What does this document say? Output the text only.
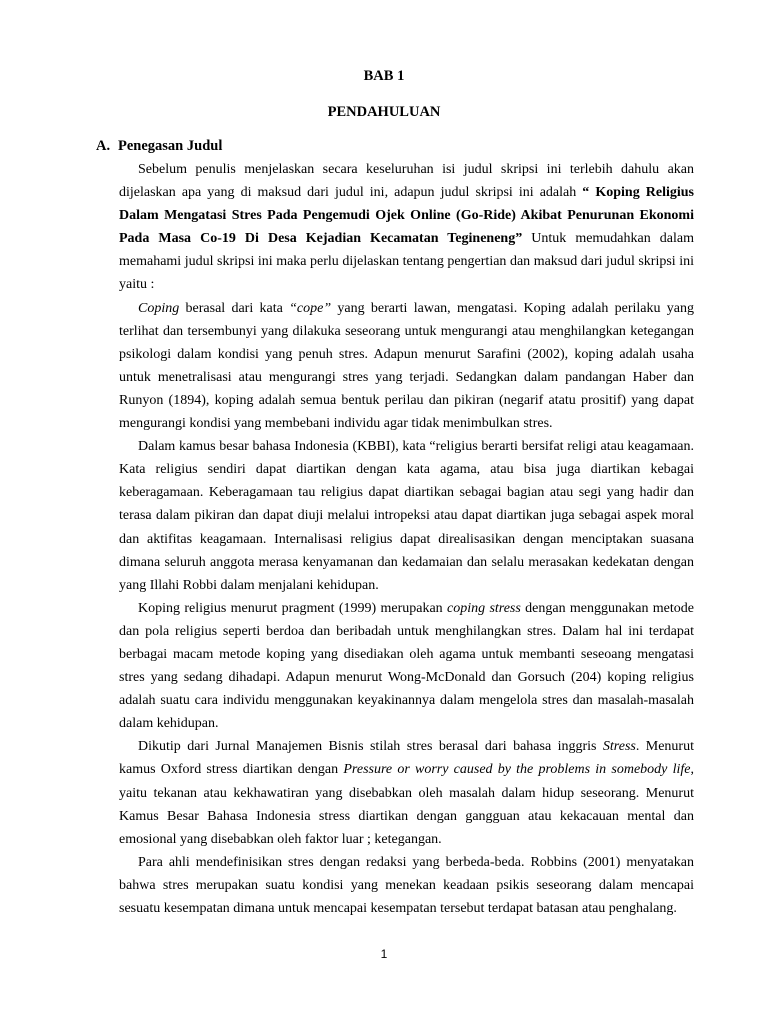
BAB 1
PENDAHULUAN
A. Penegasan Judul

Sebelum penulis menjelaskan secara keseluruhan isi judul skripsi ini terlebih dahulu akan dijelaskan apa yang di maksud dari judul ini, adapun judul skripsi ini adalah “ Koping Religius Dalam Mengatasi Stres Pada Pengemudi Ojek Online (Go-Ride) Akibat Penurunan Ekonomi Pada Masa Co-19 Di Desa Kejadian Kecamatan Tegineneng” Untuk memudahkan dalam memahami judul skripsi ini maka perlu dijelaskan tentang pengertian dan maksud dari judul skripsi ini yaitu :

Coping berasal dari kata “cope” yang berarti lawan, mengatasi. Koping adalah perilaku yang terlihat dan tersembunyi yang dilakuka seseorang untuk mengurangi atau menghilangkan ketegangan psikologi dalam kondisi yang penuh stres. Adapun menurut Sarafini (2002), koping adalah usaha untuk menetralisasi atau mengurangi stres yang terjadi. Sedangkan dalam pandangan Haber dan Runyon (1894), koping adalah semua bentuk perilau dan pikiran (negarif atatu prositif) yang dapat mengurangi kondisi yang membebani individu agar tidak menimbulkan stres.

Dalam kamus besar bahasa Indonesia (KBBI), kata “religius berarti bersifat religi atau keagamaan. Kata religius sendiri dapat diartikan dengan kata agama, atau bisa juga diartikan kebagai keberagamaan. Keberagamaan tau religius dapat diartikan sebagai bagian atau segi yang hadir dan terasa dalam pikiran dan dapat diuji melalui intropeksi atau dapat diartikan juga sebagai aspek moral dan aktifitas keagamaan. Internalisasi religius dapat direalisasikan dengan menciptakan suasana dimana seluruh anggota merasa kenyamanan dan kedamaian dan selalu merasakan kedekatan dengan yang Illahi Robbi dalam menjalani kehidupan.

Koping religius menurut pragment (1999) merupakan coping stress dengan menggunakan metode dan pola religius seperti berdoa dan beribadah untuk menghilangkan stres. Dalam hal ini terdapat berbagai macam metode koping yang disediakan oleh agama untuk membanti seseoang mengatasi stres yang sedang dihadapi. Adapun menurut Wong-McDonald dan Gorsuch (204) koping religius adalah suatu cara individu menggunakan keyakinannya dalam mengelola stres dan masalah-masalah dalam kehidupan.

Dikutip dari Jurnal Manajemen Bisnis stilah stres berasal dari bahasa inggris Stress. Menurut kamus Oxford stress diartikan dengan Pressure or worry caused by the problems in somebody life, yaitu tekanan atau kekhawatiran yang disebabkan oleh masalah dalam hidup seseorang. Menurut Kamus Besar Bahasa Indonesia stress diartikan dengan gangguan atau kekacauan mental dan emosional yang disebabkan oleh faktor luar ; ketegangan.

Para ahli mendefinisikan stres dengan redaksi yang berbeda-beda. Robbins (2001) menyatakan bahwa stres merupakan suatu kondisi yang menekan keadaan psikis seseorang dalam mencapai sesuatu kesempatan dimana untuk mencapai kesempatan tersebut terdapat batasan atau penghalang.

1
